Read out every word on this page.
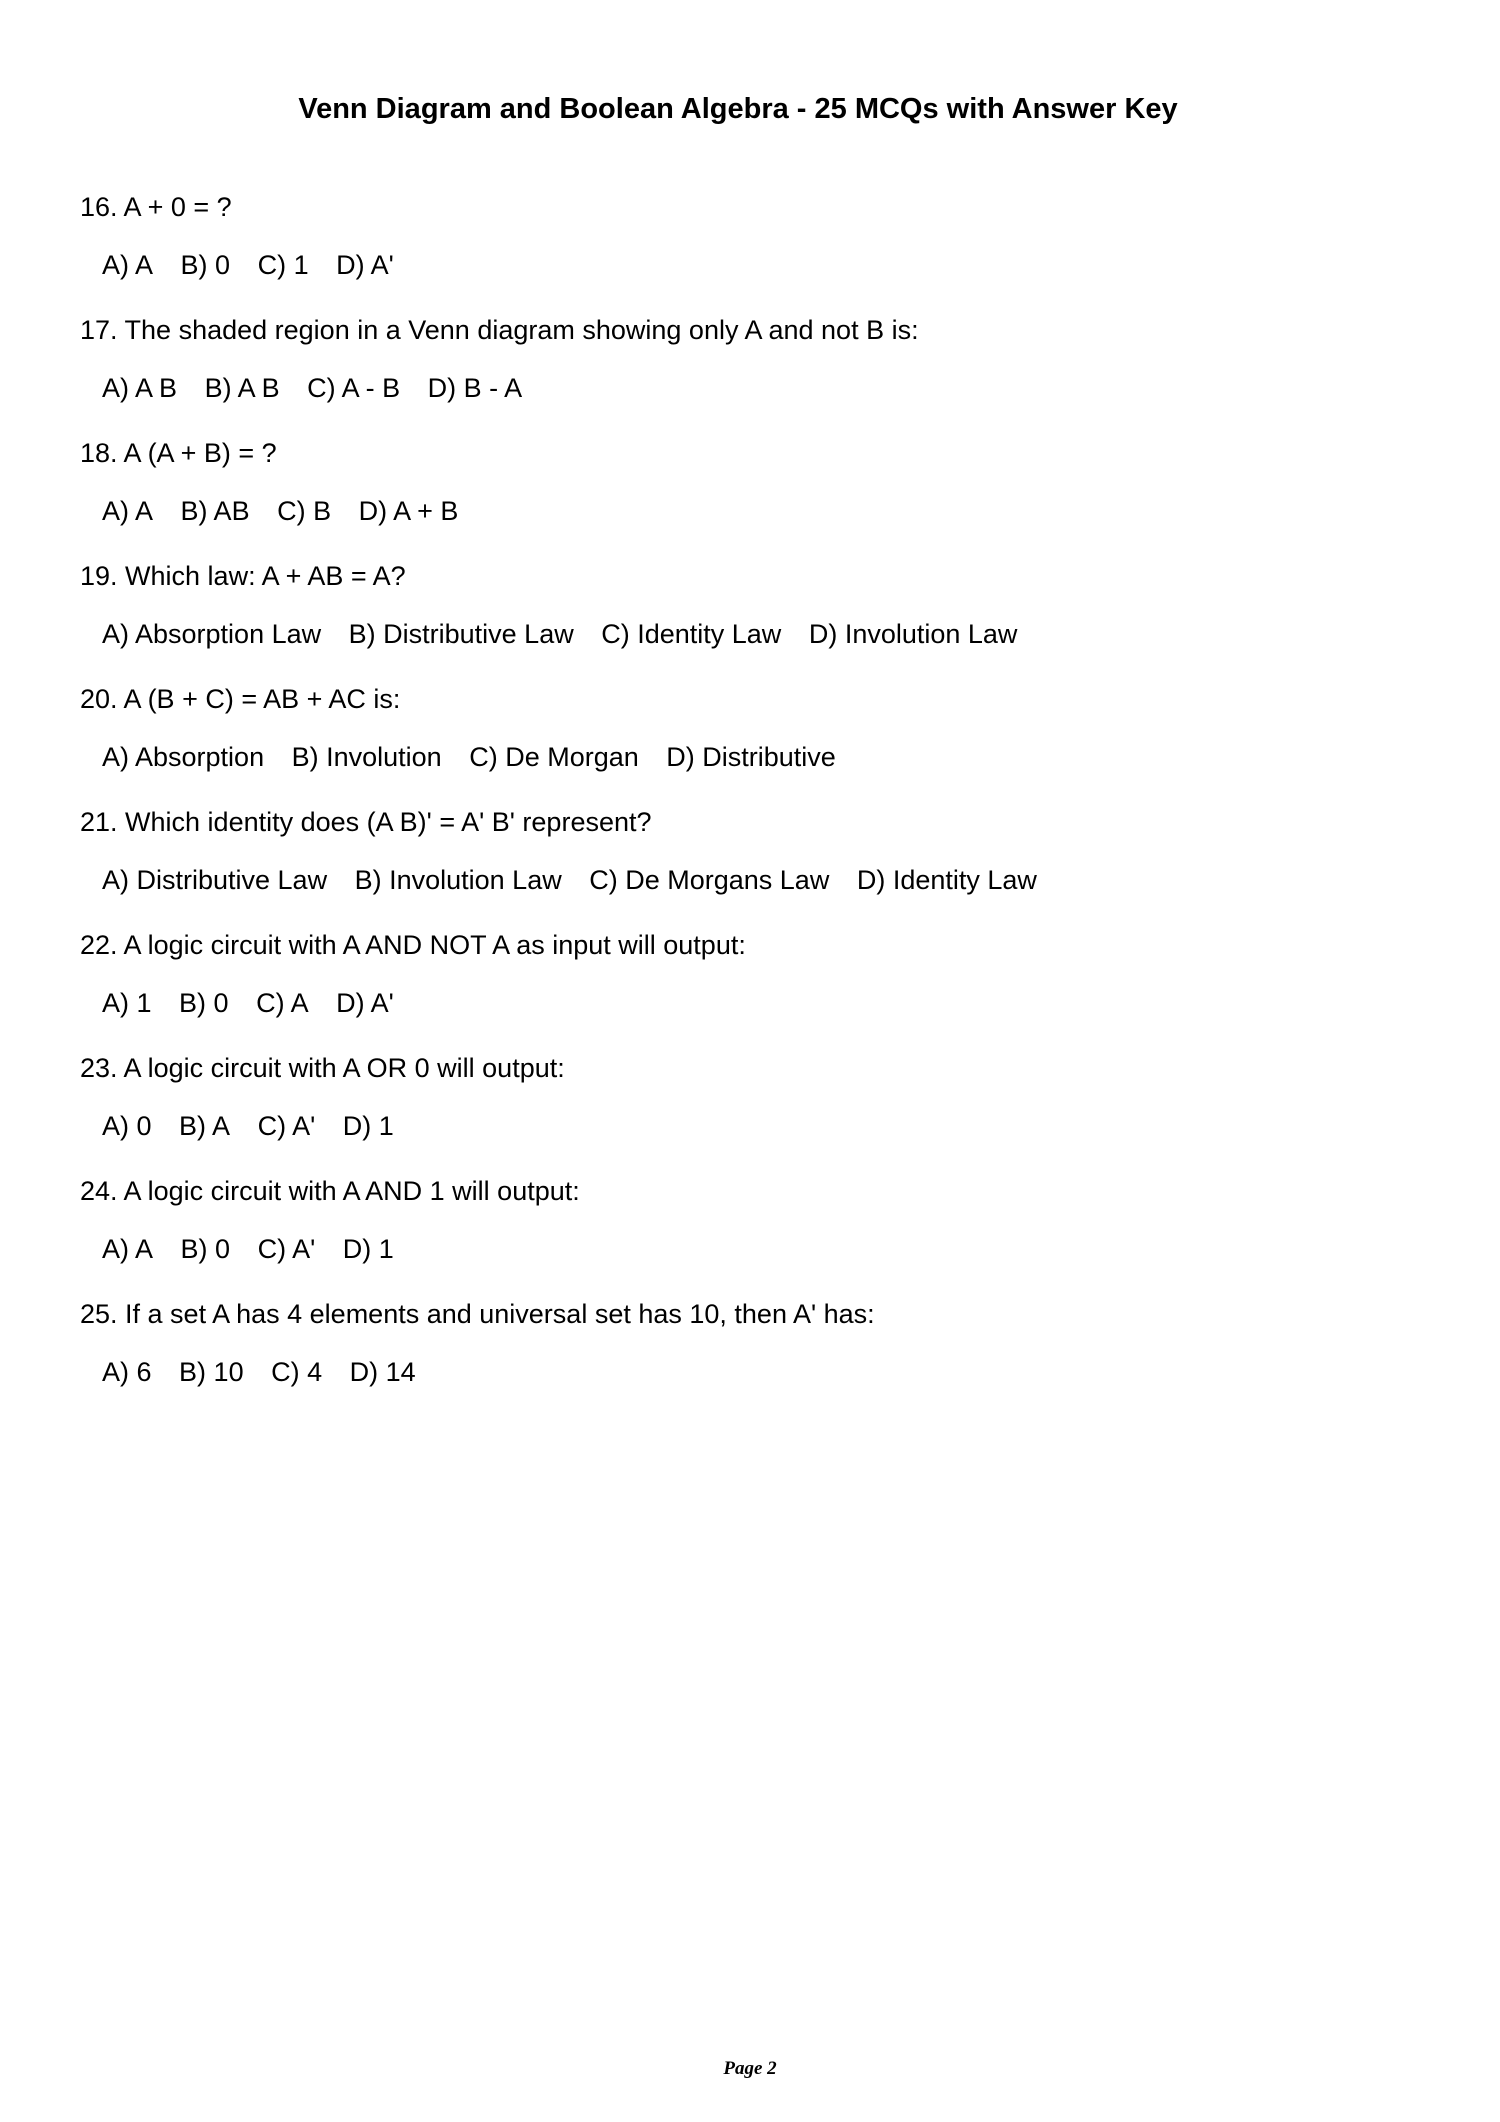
Venn Diagram and Boolean Algebra - 25 MCQs with Answer Key
16. A + 0 = ?
A) A B) 0 C) 1 D) A'
17. The shaded region in a Venn diagram showing only A and not B is:
A) A B B) A B C) A - B D) B - A
18. A (A + B) = ?
A) A B) AB C) B D) A + B
19. Which law: A + AB = A?
A) Absorption Law B) Distributive Law C) Identity Law D) Involution Law
20. A (B + C) = AB + AC is:
A) Absorption B) Involution C) De Morgan D) Distributive
21. Which identity does (A B)' = A' B' represent?
A) Distributive Law B) Involution Law C) De Morgans Law D) Identity Law
22. A logic circuit with A AND NOT A as input will output:
A) 1 B) 0 C) A D) A'
23. A logic circuit with A OR 0 will output:
A) 0 B) A C) A' D) 1
24. A logic circuit with A AND 1 will output:
A) A B) 0 C) A' D) 1
25. If a set A has 4 elements and universal set has 10, then A' has:
A) 6 B) 10 C) 4 D) 14
Page 2
